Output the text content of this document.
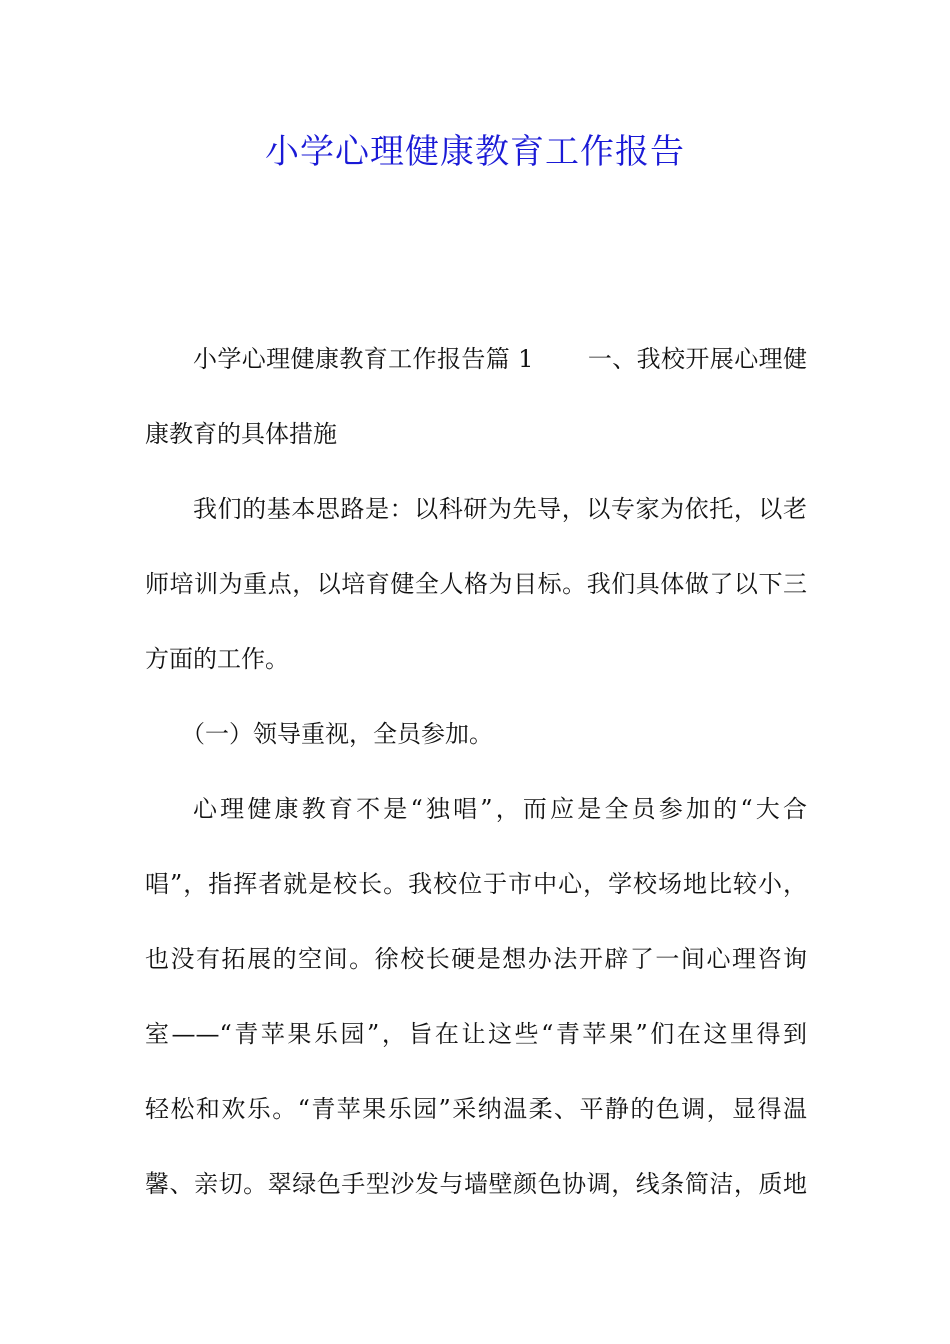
小学心理健康教育工作报告
小学心理健康教育工作报告篇 1 一、我校开展心理健
康教育的具体措施
我们的基本思路是：以科研为先导，以专家为依托，以老
师培训为重点，以培育健全人格为目标。我们具体做了以下三
方面的工作。
（一）领导重视，全员参加。
心理健康教育不是“独唱”，而应是全员参加的“大合
唱”，指挥者就是校长。我校位于市中心，学校场地比较小，
也没有拓展的空间。徐校长硬是想办法开辟了一间心理咨询
室——“青苹果乐园”，旨在让这些“青苹果”们在这里得到
轻松和欢乐。“青苹果乐园”采纳温柔、平静的色调，显得温
馨、亲切。翠绿色手型沙发与墙壁颜色协调，线条简洁，质地
